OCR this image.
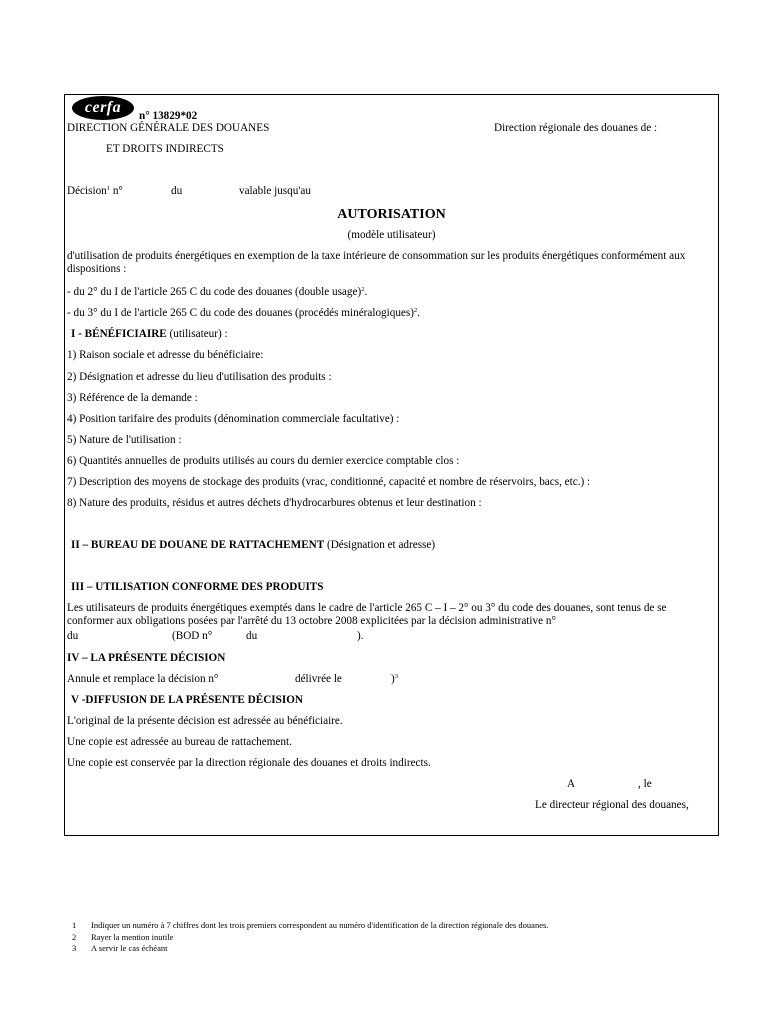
cerfa
n° 13829*02
DIRECTION GÉNÉRALE DES DOUANES	Direction régionale des douanes de :
ET DROITS INDIRECTS
Décision$^1$ n°	du	valable jusqu'au
AUTORISATION
(modèle utilisateur)
d'utilisation de produits énergétiques en exemption de la taxe intérieure de consommation sur les produits énergétiques conformément aux dispositions :
- du 2° du I de l'article 265 C du code des douanes (double usage)$^2$.
- du 3° du I de l'article 265 C du code des douanes (procédés minéralogiques)$^2$.
I - BÉNÉFICIAIRE (utilisateur) :
1) Raison sociale et adresse du bénéficiaire:
2) Désignation et adresse du lieu d'utilisation des produits :
3) Référence de la demande :
4) Position tarifaire des produits (dénomination commerciale facultative) :
5) Nature de l'utilisation :
6) Quantités annuelles de produits utilisés au cours du dernier exercice comptable clos :
7) Description des moyens de stockage des produits (vrac, conditionné, capacité et nombre de réservoirs, bacs, etc.) :
8) Nature des produits, résidus et autres déchets d'hydrocarbures obtenus et leur destination :
II – BUREAU DE DOUANE DE RATTACHEMENT (Désignation et adresse)
III – UTILISATION CONFORME DES PRODUITS
Les utilisateurs de produits énergétiques exemptés dans le cadre de l'article 265 C – I – 2° ou 3° du code des douanes, sont tenus de se conformer aux obligations posées par l'arrêté du 13 octobre 2008 explicitées par la décision administrative n°
du	(BOD n°	du	).
IV – LA PRÉSENTE DÉCISION
Annule et remplace la décision n°	délivrée le	)$^3$
V -DIFFUSION DE LA PRÉSENTE DÉCISION
L'original de la présente décision est adressée au bénéficiaire.
Une copie est adressée au bureau de rattachement.
Une copie est conservée par la direction régionale des douanes et droits indirects.
A	, le
Le directeur régional des douanes,
1 Indiquer un numéro à 7 chiffres dont les trois premiers correspondent au numéro d'identification de la direction régionale des douanes.
2 Rayer la mention inutile
3 A servir le cas échéant
